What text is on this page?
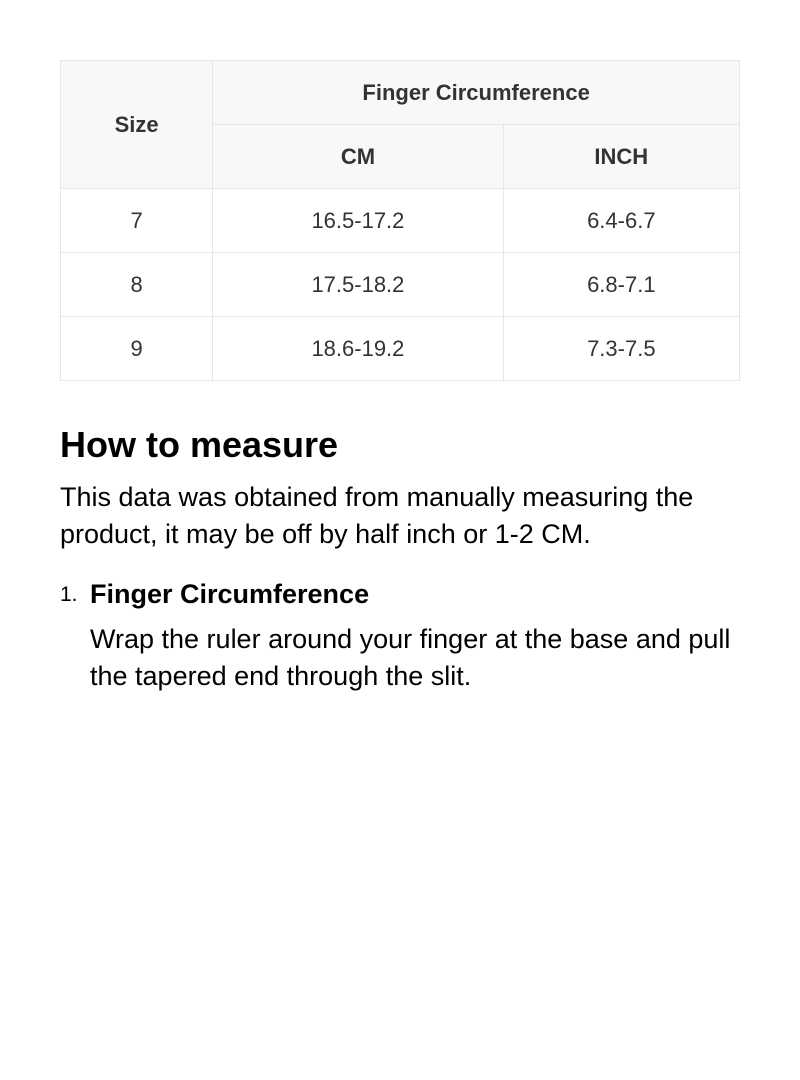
Size	Finger Circumference	
	CM	INCH
7	16.5-17.2	6.4-6.7
8	17.5-18.2	6.8-7.1
9	18.6-19.2	7.3-7.5
How to measure

This data was obtained from manually measuring the product, it may be off by half inch or 1-2 CM.

1. Finger Circumference
Wrap the ruler around your finger at the base and pull the tapered end through the slit.
